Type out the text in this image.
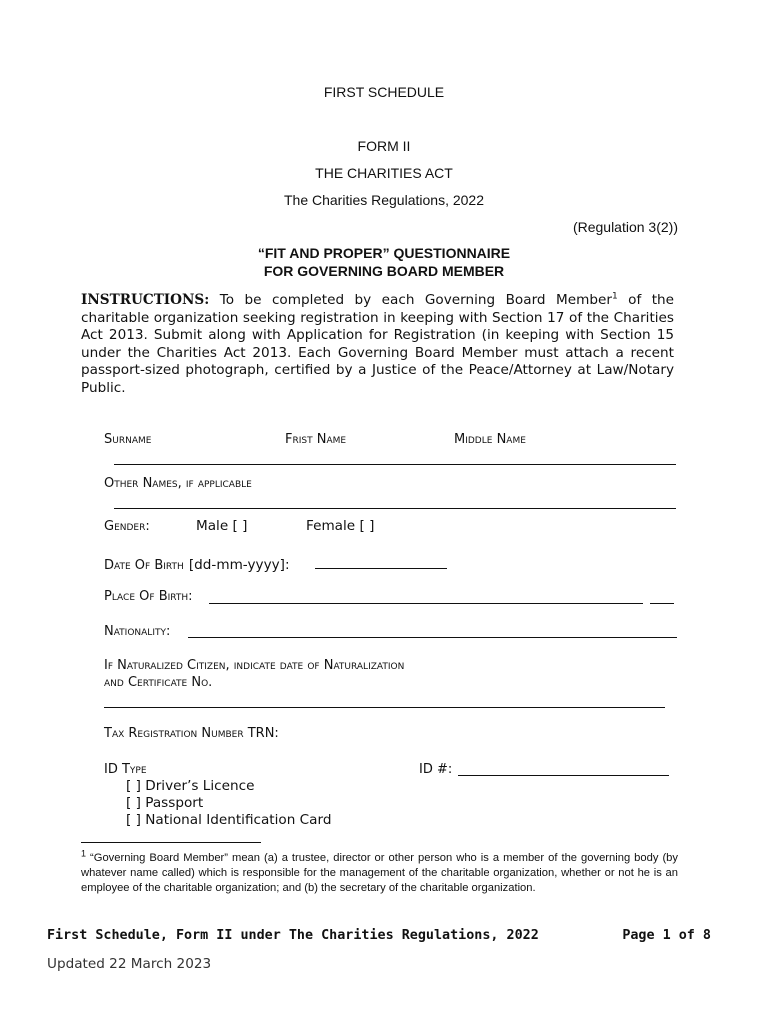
FIRST SCHEDULE
FORM II
THE CHARITIES ACT
The Charities Regulations, 2022
(Regulation 3(2))
“FIT AND PROPER” QUESTIONNAIRE
FOR GOVERNING BOARD MEMBER
INSTRUCTIONS: To be completed by each Governing Board Member$^1$ of the charitable organization seeking registration in keeping with Section 17 of the Charities Act 2013. Submit along with Application for Registration (in keeping with Section 15 under the Charities Act 2013. Each Governing Board Member must attach a recent passport-sized photograph, certified by a Justice of the Peace/Attorney at Law/Notary Public.
Surname	Frist Name	Middle Name
Other Names, if applicable
Gender:	Male [ ]	Female [ ]
Date Of Birth [dd-mm-yyyy]:
Place Of Birth:
Nationality:
If Naturalized Citizen, indicate date of Naturalization
and Certificate No.
Tax Registration Number TRN:
ID Type	ID #:
[ ] Driver’s Licence
[ ] Passport
[ ] National Identification Card
$^1$ “Governing Board Member” mean (a) a trustee, director or other person who is a member of the governing body (by whatever name called) which is responsible for the management of the charitable organization, whether or not he is an employee of the charitable organization; and (b) the secretary of the charitable organization.
First Schedule, Form II under The Charities Regulations, 2022	Page 1 of 8
Updated 22 March 2023
